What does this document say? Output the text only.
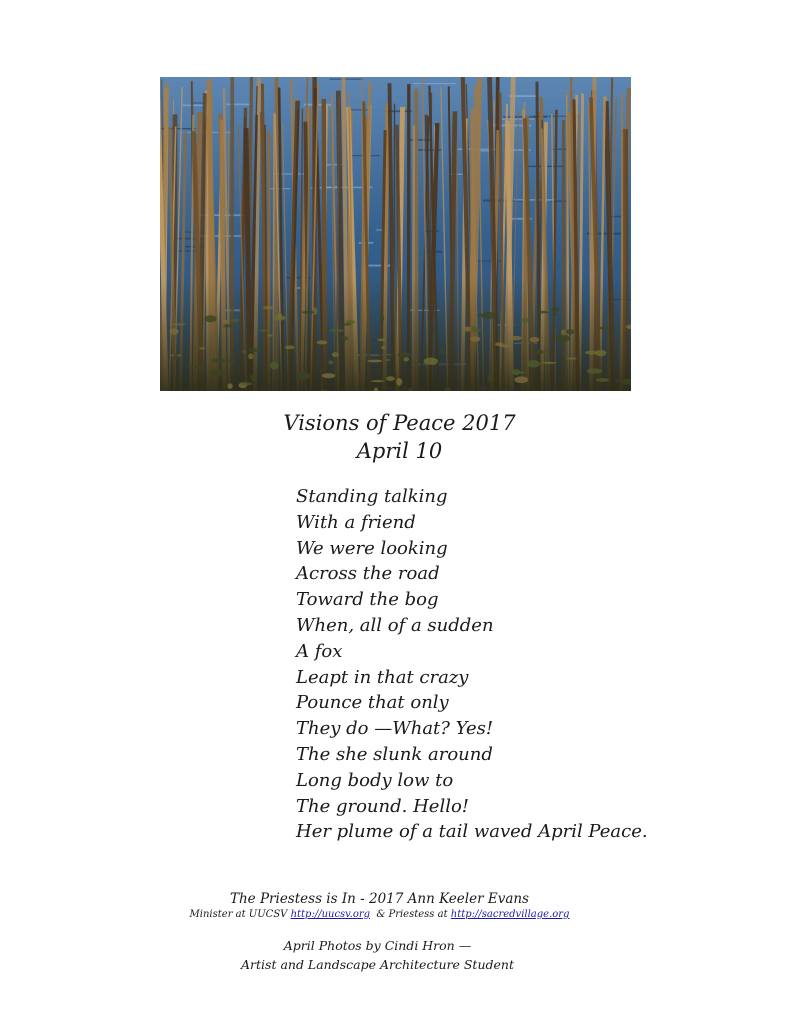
Visions of Peace 2017
April 10
Standing talking
With a friend
We were looking
Across the road
Toward the bog
When, all of a sudden
A fox
Leapt in that crazy
Pounce that only
They do —What? Yes!
The she slunk around
Long body low to
The ground. Hello!
Her plume of a tail waved April Peace.
The Priestess is In - 2017 Ann Keeler Evans
Minister at UUCSV http://uucsv.org  & Priestess at http://sacredvillage.org
April Photos by Cindi Hron —
Artist and Landscape Architecture Student
